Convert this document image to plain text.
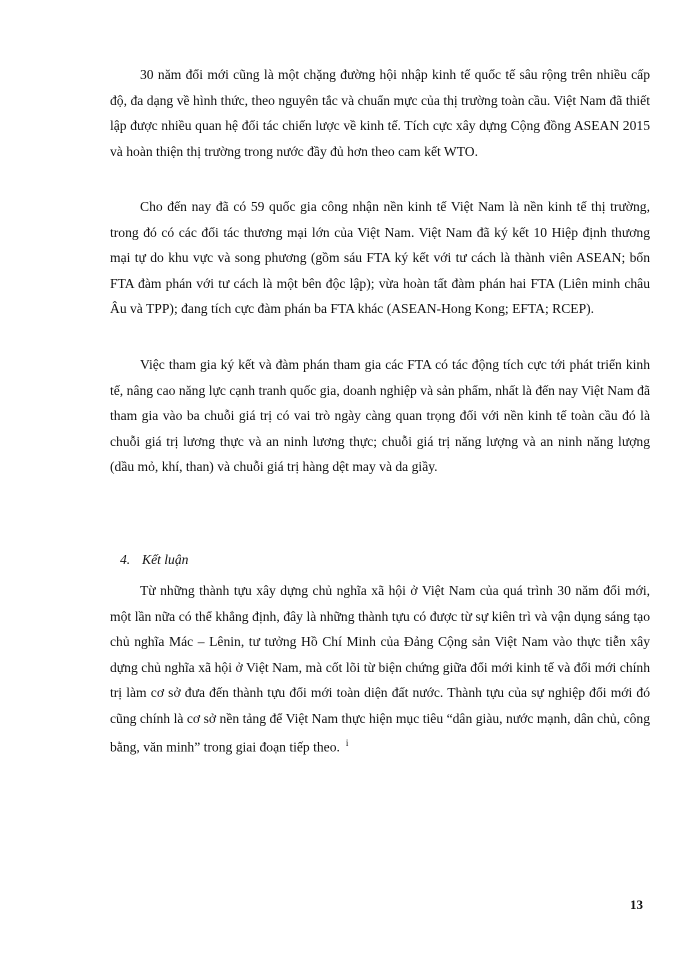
30 năm đổi mới cũng là một chặng đường hội nhập kinh tế quốc tế sâu rộng trên nhiều cấp độ, đa dạng về hình thức, theo nguyên tắc và chuẩn mực của thị trường toàn cầu. Việt Nam đã thiết lập được nhiều quan hệ đối tác chiến lược về kinh tế. Tích cực xây dựng Cộng đồng ASEAN 2015 và hoàn thiện thị trường trong nước đầy đủ hơn theo cam kết WTO.

Cho đến nay đã có 59 quốc gia công nhận nền kinh tế Việt Nam là nền kinh tế thị trường, trong đó có các đối tác thương mại lớn của Việt Nam. Việt Nam đã ký kết 10 Hiệp định thương mại tự do khu vực và song phương (gồm sáu FTA ký kết với tư cách là thành viên ASEAN; bốn FTA đàm phán với tư cách là một bên độc lập); vừa hoàn tất đàm phán hai FTA (Liên minh châu Âu và TPP); đang tích cực đàm phán ba FTA khác (ASEAN-Hong Kong; EFTA; RCEP).

Việc tham gia ký kết và đàm phán tham gia các FTA có tác động tích cực tới phát triển kinh tế, nâng cao năng lực cạnh tranh quốc gia, doanh nghiệp và sản phẩm, nhất là đến nay Việt Nam đã tham gia vào ba chuỗi giá trị có vai trò ngày càng quan trọng đối với nền kinh tế toàn cầu đó là chuỗi giá trị lương thực và an ninh lương thực; chuỗi giá trị năng lượng và an ninh năng lượng (dầu mỏ, khí, than) và chuỗi giá trị hàng dệt may và da giầy.

4. Kết luận

Từ những thành tựu xây dựng chủ nghĩa xã hội ở Việt Nam của quá trình 30 năm đổi mới, một lần nữa có thể khẳng định, đây là những thành tựu có được từ sự kiên trì và vận dụng sáng tạo chủ nghĩa Mác – Lênin, tư tưởng Hồ Chí Minh của Đảng Cộng sản Việt Nam vào thực tiễn xây dựng chủ nghĩa xã hội ở Việt Nam, mà cốt lõi từ biện chứng giữa đổi mới kinh tế và đổi mới chính trị làm cơ sở đưa đến thành tựu đổi mới toàn diện đất nước. Thành tựu của sự nghiệp đổi mới đó cũng chính là cơ sở nền tảng để Việt Nam thực hiện mục tiêu “dân giàu, nước mạnh, dân chủ, công bằng, văn minh” trong giai đoạn tiếp theo. $^i$

13
